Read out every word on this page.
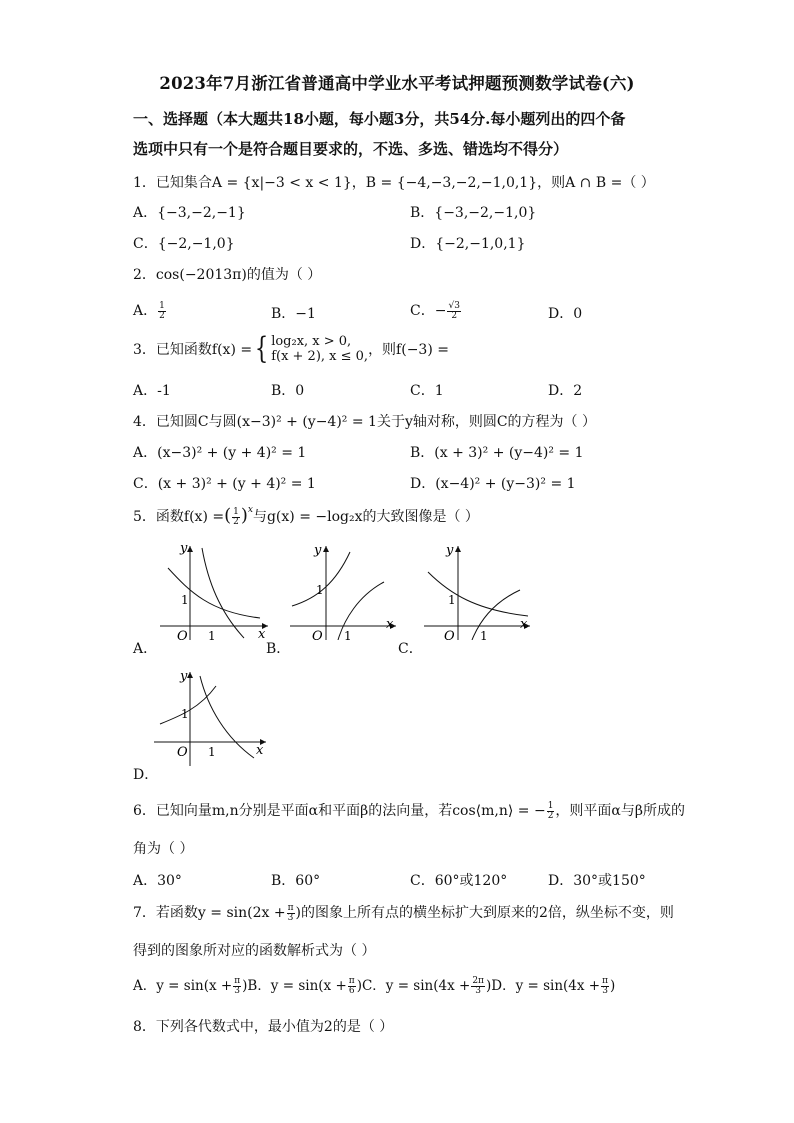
2023年7月浙江省普通高中学业水平考试押题预测数学试卷(六)
一、选择题（本大题共18小题，每小题3分，共54分.每小题列出的四个备
选项中只有一个是符合题目要求的，不选、多选、错选均不得分）
1．已知集合A = {x|−3 < x < 1}，B = {−4,−3,−2,−1,0,1}，则A ∩ B =（ ）
A．{−3,−2,−1}	B．{−3,−2,−1,0}
C．{−2,−1,0}	D．{−2,−1,0,1}
2．cos(−2013π)的值为（ ）
A． $\frac{1}{2}$	B．−1	C．− $\frac{√3}{2}$	D．0
3．已知函数f(x) = { log₂x, x > 0,
f(x + 2), x ≤ 0, ，则f(−3) =
A．-1	B．0	C．1	D．2
4．已知圆C与圆(x−3)² + (y−4)² = 1关于y轴对称，则圆C的方程为（ ）
A．(x−3)² + (y + 4)² = 1	B．(x + 3)² + (y−4)² = 1
C．(x + 3)² + (y + 4)² = 1	D．(x−4)² + (y−3)² = 1
5．函数f(x) =( $\frac{1}{2} )^x$与g(x) = −log₂x的大致图像是（ ）
y
x
O
1
1
A．
y
x
O
1
1
B．
y
x
O
1
1
C．
y
x
O
1
1
D．
6．已知向量m,n分别是平面α和平面β的法向量，若cos⟨m,n⟩ = − $\frac{1}{2}$ ，则平面α与β所成的
角为（ ）
A．30°	B．60°	C．60°或120°	D．30°或150°
7．若函数$y = \sin(2x + \frac{\pi}{3}$ )的图象上所有点的横坐标扩大到原来的2倍，纵坐标不变，则
得到的图象所对应的函数解析式为（ ）
A．$y = \sin(x + \frac{\pi}{3} )B$．$y = \sin(x + \frac{\pi}{6} )C$．$y = \sin(4x + \frac{2\pi}{3} )D$．$y = \sin(4x + \frac{\pi}{3}$ )
8．下列各代数式中，最小值为2的是（ ）
